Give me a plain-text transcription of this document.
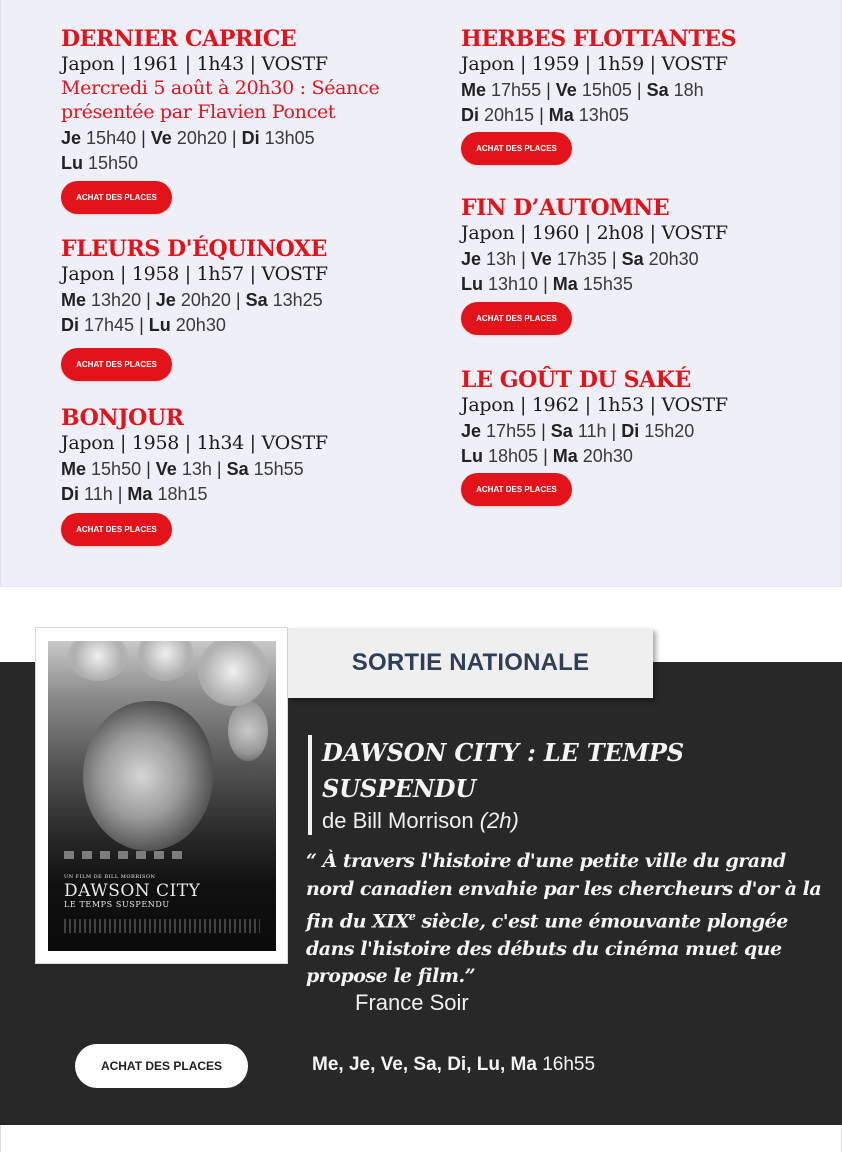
DERNIER CAPRICE
Japon | 1961 | 1h43 | VOSTF
Mercredi 5 août à 20h30 : Séance présentée par Flavien Poncet
Je 15h40 | Ve 20h20 | Di 13h05
Lu 15h50
ACHAT DES PLACES
FLEURS D'ÉQUINOXE
Japon | 1958 | 1h57 | VOSTF
Me 13h20 | Je 20h20 | Sa 13h25
Di 17h45 | Lu 20h30
ACHAT DES PLACES
BONJOUR
Japon | 1958 | 1h34 | VOSTF
Me 15h50 | Ve 13h | Sa 15h55
Di 11h | Ma 18h15
ACHAT DES PLACES
HERBES FLOTTANTES
Japon | 1959 | 1h59 | VOSTF
Me 17h55 | Ve 15h05 | Sa 18h
Di 20h15 | Ma 13h05
ACHAT DES PLACES
FIN D’AUTOMNE
Japon | 1960 | 2h08 | VOSTF
Je 13h | Ve 17h35 | Sa 20h30
Lu 13h10 | Ma 15h35
ACHAT DES PLACES
LE GOÛT DU SAKÉ
Japon | 1962 | 1h53 | VOSTF
Je 17h55 | Sa 11h | Di 15h20
Lu 18h05 | Ma 20h30
ACHAT DES PLACES
UN FILM DE BILL MORRISON
DAWSON CITY
LE TEMPS SUSPENDU
SORTIE NATIONALE
DAWSON CITY : LE TEMPS SUSPENDU
de Bill Morrison (2h)
“ À travers l'histoire d'une petite ville du grand nord canadien envahie par les chercheurs d'or à la fin du XIXe siècle, c'est une émouvante plongée dans l'histoire des débuts du cinéma muet que propose le film.”
France Soir
ACHAT DES PLACES	Me, Je, Ve, Sa, Di, Lu, Ma 16h55
